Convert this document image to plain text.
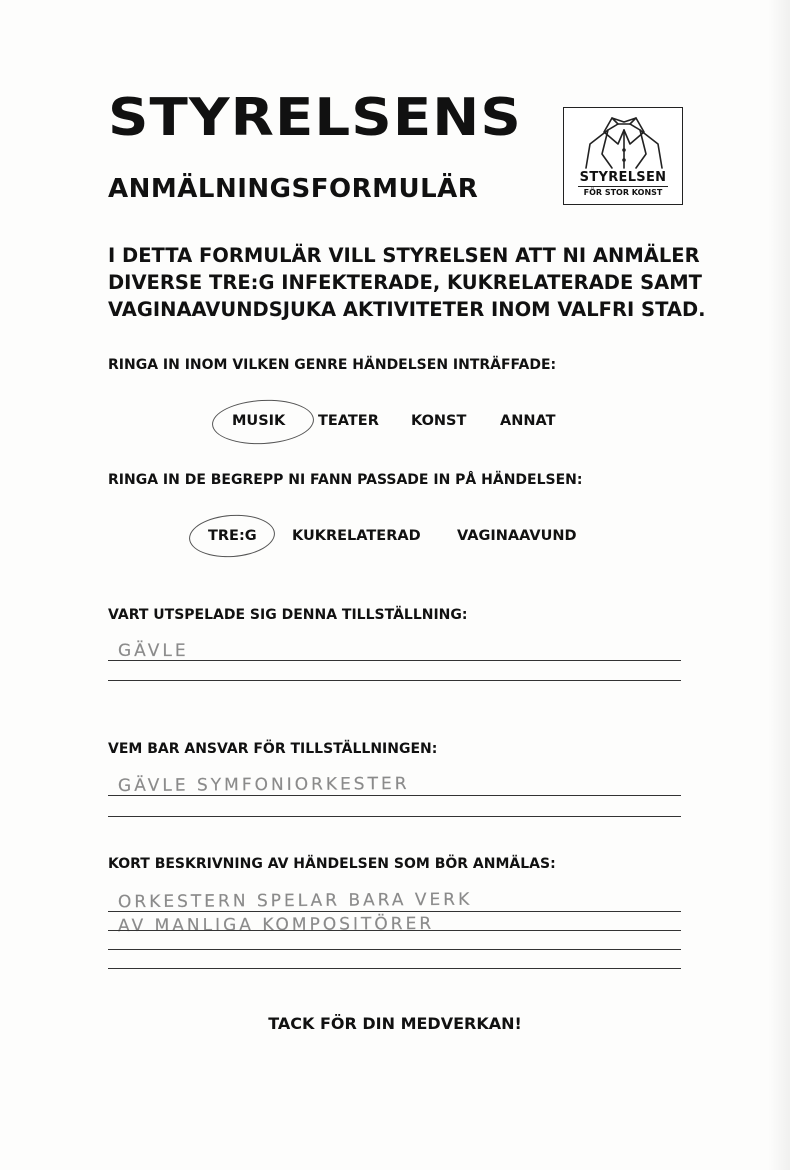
STYRELSENS
ANMÄLNINGSFORMULÄR	STYRELSEN
FÖR STOR KONST
I DETTA FORMULÄR VILL STYRELSEN ATT NI ANMÄLER
DIVERSE TRE:G INFEKTERADE, KUKRELATERADE SAMT
VAGINAAVUNDSJUKA AKTIVITETER INOM VALFRI STAD.
RINGA IN INOM VILKEN GENRE HÄNDELSEN INTRÄFFADE:
MUSIK TEATER KONST ANNAT
RINGA IN DE BEGREPP NI FANN PASSADE IN PÅ HÄNDELSEN:
TRE:G KUKRELATERAD	VAGINAAVUND
VART UTSPELADE SIG DENNA TILLSTÄLLNING:
GÄVLE
VEM BAR ANSVAR FÖR TILLSTÄLLNINGEN:
GÄVLE SYMFONIORKESTER
KORT BESKRIVNING AV HÄNDELSEN SOM BÖR ANMÄLAS:
ORKESTERN SPELAR BARA VERK
AV MANLIGA KOMPOSITÖRER
TACK FÖR DIN MEDVERKAN!
